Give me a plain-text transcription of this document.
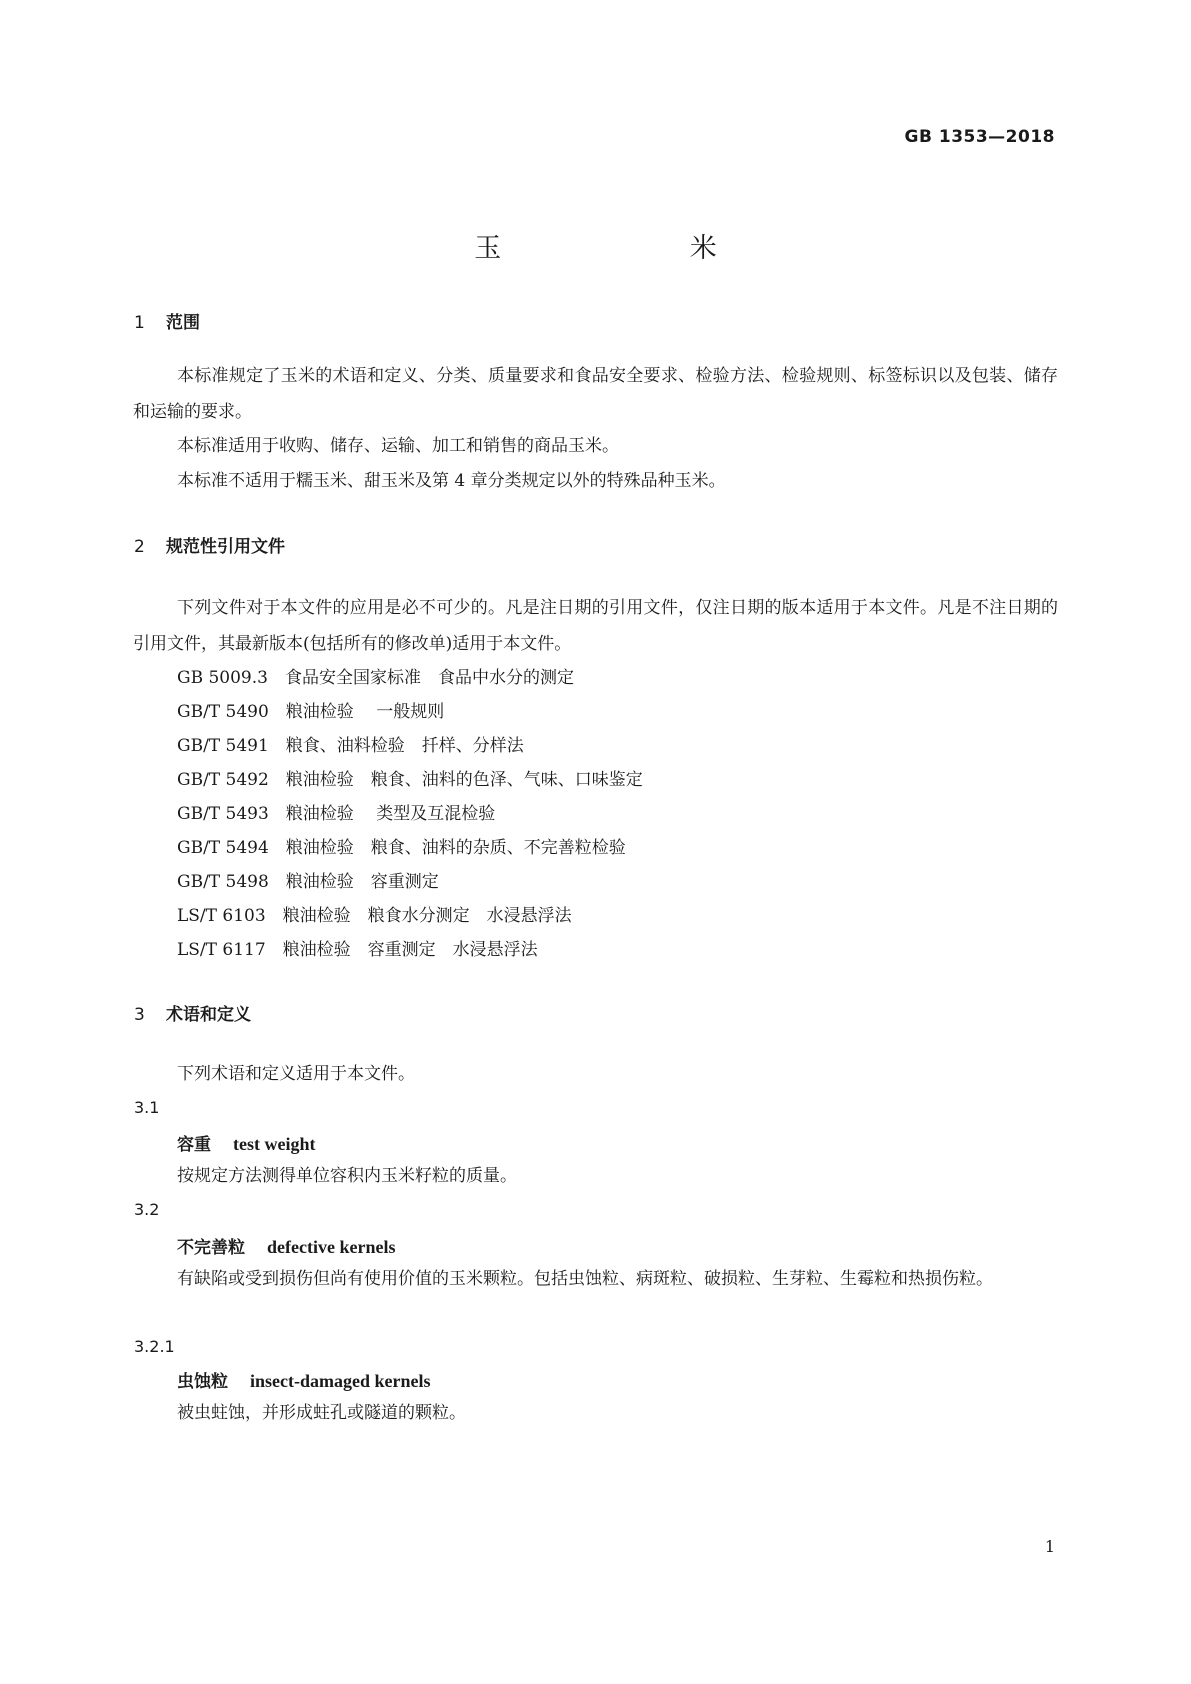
GB 1353—2018
玉 米
1 范围

本标准规定了玉米的术语和定义、分类、质量要求和食品安全要求、检验方法、检验规则、标签标识以及包装、储存和运输的要求。

本标准适用于收购、储存、运输、加工和销售的商品玉米。

本标准不适用于糯玉米、甜玉米及第 4 章分类规定以外的特殊品种玉米。

2 规范性引用文件

下列文件对于本文件的应用是必不可少的。凡是注日期的引用文件，仅注日期的版本适用于本文件。凡是不注日期的引用文件，其最新版本(包括所有的修改单)适用于本文件。

GB 5009.3　食品安全国家标准　食品中水分的测定
GB/T 5490　粮油检验　 一般规则
GB/T 5491　粮食、油料检验　扦样、分样法
GB/T 5492　粮油检验　粮食、油料的色泽、气味、口味鉴定
GB/T 5493　粮油检验　 类型及互混检验
GB/T 5494　粮油检验　粮食、油料的杂质、不完善粒检验
GB/T 5498　粮油检验　容重测定
LS/T 6103　粮油检验　粮食水分测定　水浸悬浮法
LS/T 6117　粮油检验　容重测定　水浸悬浮法
3 术语和定义

下列术语和定义适用于本文件。

3.1
容重 test weight

按规定方法测得单位容积内玉米籽粒的质量。

3.2
不完善粒 defective kernels

有缺陷或受到损伤但尚有使用价值的玉米颗粒。包括虫蚀粒、病斑粒、破损粒、生芽粒、生霉粒和热损伤粒。

3.2.1
虫蚀粒 insect-damaged kernels

被虫蛀蚀，并形成蛀孔或隧道的颗粒。

1
